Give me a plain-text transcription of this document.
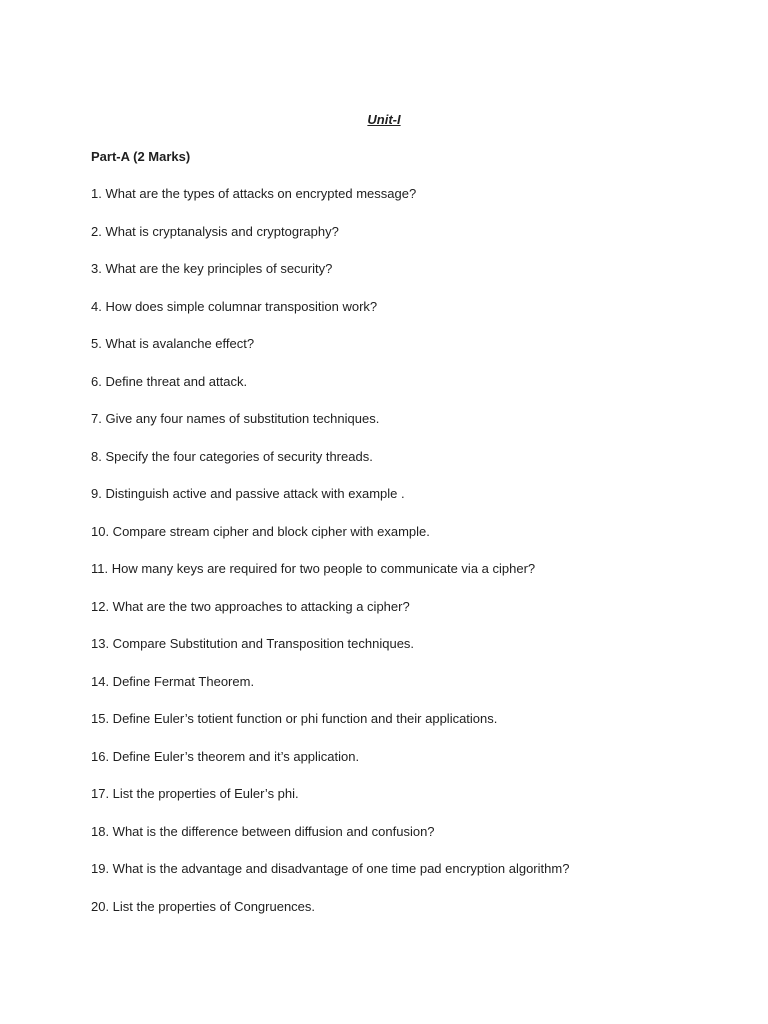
Unit-I
Part-A (2 Marks)
1. What are the types of attacks on encrypted message?
2. What is cryptanalysis and cryptography?
3. What are the key principles of security?
4. How does simple columnar transposition work?
5. What is avalanche effect?
6. Define threat and attack.
7. Give any four names of substitution techniques.
8. Specify the four categories of security threads.
9. Distinguish active and passive attack with example .
10. Compare stream cipher and block cipher with example.
11. How many keys are required for two people to communicate via a cipher?
12. What are the two approaches to attacking a cipher?
13. Compare Substitution and Transposition techniques.
14. Define Fermat Theorem.
15. Define Euler’s totient function or phi function and their applications.
16. Define Euler’s theorem and it’s application.
17. List the properties of Euler’s phi.
18. What is the difference between diffusion and confusion?
19. What is the advantage and disadvantage of one time pad encryption algorithm?
20. List the properties of Congruences.
